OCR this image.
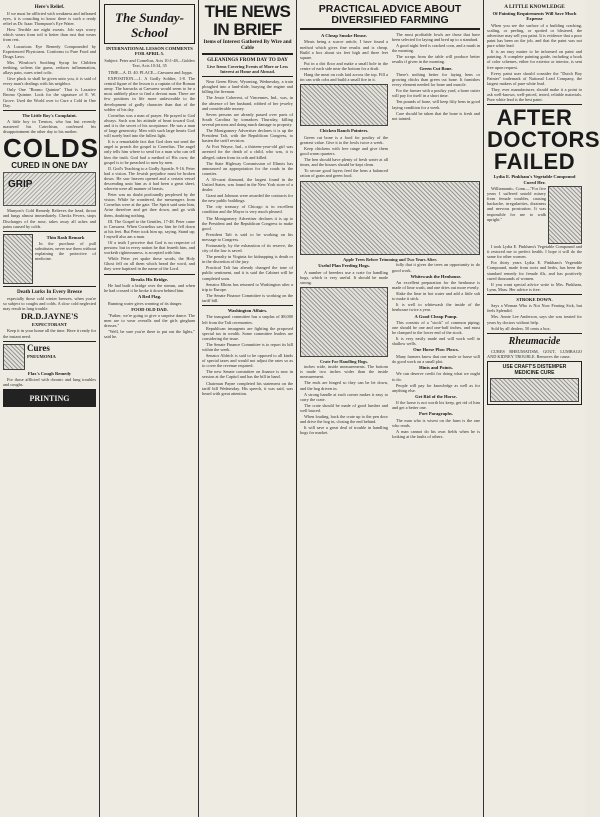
Here's Relief.

If we must be afflicted with weakness and inflamed eyes, it is consoling to know there is such a ready relief as Dr. Isaac Thompson's Eye Water.

How Terrible are night sweats. Job says worry which wears from toil is better than rust that wears from rest.

A Luxurious Eye Remedy Compounded by Experienced Physicians. Conforms to Pure Food and Drugs Laws.

Mrs. Winslow's Soothing Syrup for Children teething, softens the gums, reduces inflammation, allays pain, cures wind colic.

Give pluck to shall be given unto you, it is said of every man's dealings with his neighbor.

Only One "Bromo Quinine" That is Laxative Bromo Quinine. Look for the signature of E. W. Grove. Used the World over to Cure a Cold in One Day.

The Little Boy's Complaint.

A little boy in Trenton, who has but recently mastered his Catechism, confessed his disappointment the other day to his mother.

COLDS
CURED IN ONE DAY
GRIP

Munyon's Cold Remedy Relieves the head, throat and lungs almost immediately. Checks Fevers, stops Discharges of the nose, takes away all aches and pains caused by colds.

Thin Rash Remark

In the purchase of pull substitutes, never use them without explaining the protective of medicine.

Death Lurks In Every Breeze

especially those cold winter breezes, when you're so subject to coughs and colds. A slow cold neglected may result in lung trouble.

DR.D.JAYNE'S
EXPECTORANT

Keep it in your home all the time. Have it ready for the instant need.

Cures
PNEUMONIA
Flax's Cough Remedy

For those afflicted with chronic and lung troubles and coughs.

PRINTING
The Sunday-School
INTERNATIONAL LESSON COMMENTS FOR APRIL 5.
Subject: Peter and Cornelius, Acts 10:1-48—Golden Text, Acts 10:34, 35

TIME—A. D. 40. PLACE—Caesarea and Joppa.

EXPOSITION.—1. A Godly Soldier, 1-8. The central figure of the lesson is a captain of the Roman army. The barracks at Caesarea would seem to be a most unlikely place to find a devout man. There are few positions in life more unfavorable to the development of godly character than that of the soldier of his day.

Cornelius was a man of prayer. He prayed to God always. Such was his attitude of heart toward God, and it is the secret of his acceptance. He was a man of large generosity. Men with such large hearts God will surely lead into the fullest light.

It is a remarkable fact that God does not send the angel to preach the gospel to Cornelius. The angel only tells him where to send for a man who can tell him the truth. God had a method of His own; the gospel is to be preached to men by men.

II. God's Teaching to a Godly Apostle, 9-16. Peter had a vision. The Jewish prejudice must be broken down. He saw heaven opened and a certain vessel descending unto him as it had been a great sheet, wherein were all manner of beasts.

Peter was no doubt profoundly perplexed by the vision. While he wondered, the messengers from Cornelius were at the gate. The Spirit said unto him, Arise therefore and get thee down, and go with them, doubting nothing.

III. The Gospel to the Gentiles, 17-48. Peter came to Caesarea. When Cornelius saw him he fell down at his feet. But Peter took him up, saying, Stand up; I myself also am a man.

Of a truth I perceive that God is no respecter of persons: but in every nation he that feareth him, and worketh righteousness, is accepted with him.

While Peter yet spake these words, the Holy Ghost fell on all them which heard the word, and they were baptized in the name of the Lord.

Breaks His Bridge.

He had built a bridge over the stream, and when he had crossed it he broke it down behind him.

A Red Flag.

Running water gives warning of its danger.

FOOD OLD DAD.

"Father, we're going to give a surprise dance. The men are to wear overalls and the girls gingham dresses."

"Well, be sure you're there to put out the lights," said he.

THE NEWS IN BRIEF
Items of Interest Gathered By Wire and Cable
GLEANINGS FROM DAY TO DAY
Live Items Covering Events of More or Less Interest at Home and Abroad.

Near Green River, Wyoming, Wednesday, a train ploughed into a land-slide, burying the engine and killing the fireman.

The Jessie Coherent, of Vincennes, Ind., was, in the absence of her husband, robbed of her jewelry and considerable money.

Seven persons are already passed over parts of South Carolina by tornadoes Thursday, killing several persons and doing much damage to property.

The Montgomery Advertiser declares it is up the President Taft, with the Republican Congress, to hasten the tariff revision.

At Fort Wayne, Ind., a thirteen-year-old girl was arrested for the death of a child, who was, it is alleged, taken from its crib and killed.

The State Highway Commission of Illinois has announced an appropriation for the roads in the counties.

A 30-carat diamond, the largest found in the United States, was found in the New York store of a dealer.

Grant and Johnson were awarded the contracts for the new public buildings.

The city treasury of Chicago is in excellent condition and the Mayor is very much pleased.

The Montgomery Advertiser declares it is up to the President and the Republican Congress to make good.

President Taft is said to be working on his message to Congress.

Fortunately, by the exhaustion of its reserve, the city of the law is saved.

The penalty in Virginia for kidnapping is death or in the discretion of the jury.

Practical Taft has already changed the tone of public sentiment, and it is said the Cabinet will be completed soon.

Senator Elkins has returned to Washington after a trip to Europe.

The Senate Finance Committee is working on the tariff bill.

Washington Affairs.

The inaugural committee has a surplus of $8,000 left from the Taft ceremonies.

Republican insurgents are fighting the proposed special tax in wealth. Some committee leaders are considering the issue.

The Senate Finance Committee is to report its bill within the week.

Senator Aldrich is said to be opposed to all kinds of special taxes and would not adjust the rates so as to cover the revenue required.

The new Senate committee on finance is now in session at the Capitol and has the bill in hand.

Chairman Payne completed his statement on the tariff bill Wednesday. His speech, it was said, was heard with great attention.

PRACTICAL ADVICE ABOUT DIVERSIFIED FARMING
A Cheap Smoke House.

Meats being a scarce article, I have found a method which gives fine results and is cheap. Build a box about six feet high and three feet square.

Put in a dirt floor and make a small hole in the centre of each side near the bottom for a draft.

Hang the meat on rods laid across the top. Fill a tin can with cobs and build a small fire in it.

Chicken Ranch Pointers.

Green cut bone is a food for poultry of the greatest value. Give it to the fowls twice a week.

Keep chickens with free range and give them good warm quarters.

The hen should have plenty of fresh water at all times, and the houses should be kept clean.

To secure good layers feed the hens a balanced ration of grain and green food.

The most profitable fowls are those that have been selected for laying and bred up to a standard.

A good night feed is cracked corn, and a mash in the morning.

The scraps from the table will produce better results if given in the morning.

Green Cut Bone.

There's nothing better for laying hens or growing chicks than green cut bone. It furnishes every element needed for bone and muscle.

For the farmer with a poultry yard, a bone cutter will pay for itself in a short time.

Ten pounds of bone, will keep fifty hens in good laying condition for a week.

Care should be taken that the bone is fresh and not tainted.

Apple Trees Before Trimming and Two Years After.
Useful Plan Feeding Hogs.

A number of breeders use a crate for handling hogs, which is very useful. It should be made strong.

Crate For Handling Hogs.

inches wide, inside measurements. The bottom is made two inches wider than the inside measurement.

The ends are hinged so they can be let down, and the hog driven in.

A strong handle at each corner makes it easy to carry the crate.

The crate should be made of good lumber and well braced.

When loading, back the crate up to the pen door and drive the hog in, closing the end behind.

It will save a great deal of trouble in handling hogs for market.

fully that it gives the trees an opportunity to do good work.

Whitewash the Henhouse.

An excellent preparation for the henhouse is made of lime wash, and one dries out more evenly.

Slake the lime in hot water and add a little salt to make it stick.

It is well to whitewash the inside of the henhouse twice a year.

A Good Cheap Pump.

This consists of a "stock" of common piping; one should be one and one-half inches, and must be clamped to the lower end of the stock.

It is very easily made and will work well in shallow wells.

One Horse Plow Plows.

Many farmers know that one mule or horse will do good work on a small plot.

Hints and Points.

We can deserve credit for doing what we ought to do.

People will pay for knowledge as well as for anything else.

Get Rid of the Horse.

If the horse is not worth his keep, get rid of him and get a better one.

Port Paragraphs.

The man who is wisest on the farm is the one who reads.

A man cannot do his own fields when he is looking at the faults of others.

A LITTLE KNOWLEDGE
Of Painting Requirements Will Save Much Expense

When you see the surface of a building cracking, scaling, or peeling, or spotted or blistered, the advertiser may sell you paint. It is evidence that a poor paint has been on the job, and that the paint was not pure white lead.

It is an easy matter to be informed on paint and painting. A complete painting guide, including a book of color schemes, either for exterior or interior, is sent free upon request.

Every paint user should consider the "Dutch Boy Painter" trademark of National Lead Company, the largest makers of pure white lead.

They, ever manufacturer, should make it a point to ask well-known, well-priced, tested, reliable materials. Pure white lead is the best paint.

AFTER
DOCTORS
FAILED
Lydia E. Pinkham's Vegetable Compound Cured Her.

Williamantic, Conn.—"For five years I suffered untold misery from female troubles, causing backache, irregularities, dizziness and nervous prostration. It was impossible for me to walk upright."

I took Lydia E. Pinkham's Vegetable Compound and it restored me to perfect health. I hope it will do the same for other women.

For thirty years Lydia E. Pinkham's Vegetable Compound, made from roots and herbs, has been the standard remedy for female ills, and has positively cured thousands of women.

If you want special advice write to Mrs. Pinkham, Lynn, Mass. Her advice is free.

STROKE DOWN.

Says a Woman Who is Not Now Fearing Sick, but feels Splendid.

Mrs. Annie Lee Anderson, says she was treated for years by doctors without help.

Sold by all dealers. 50 cents a box.

Rheumacide

CURES RHEUMATISM, GOUT, LUMBAGO AND KIDNEY TROUBLE. Removes the cause.

USE CRAFT'S DISTEMPER MEDICINE CURE
